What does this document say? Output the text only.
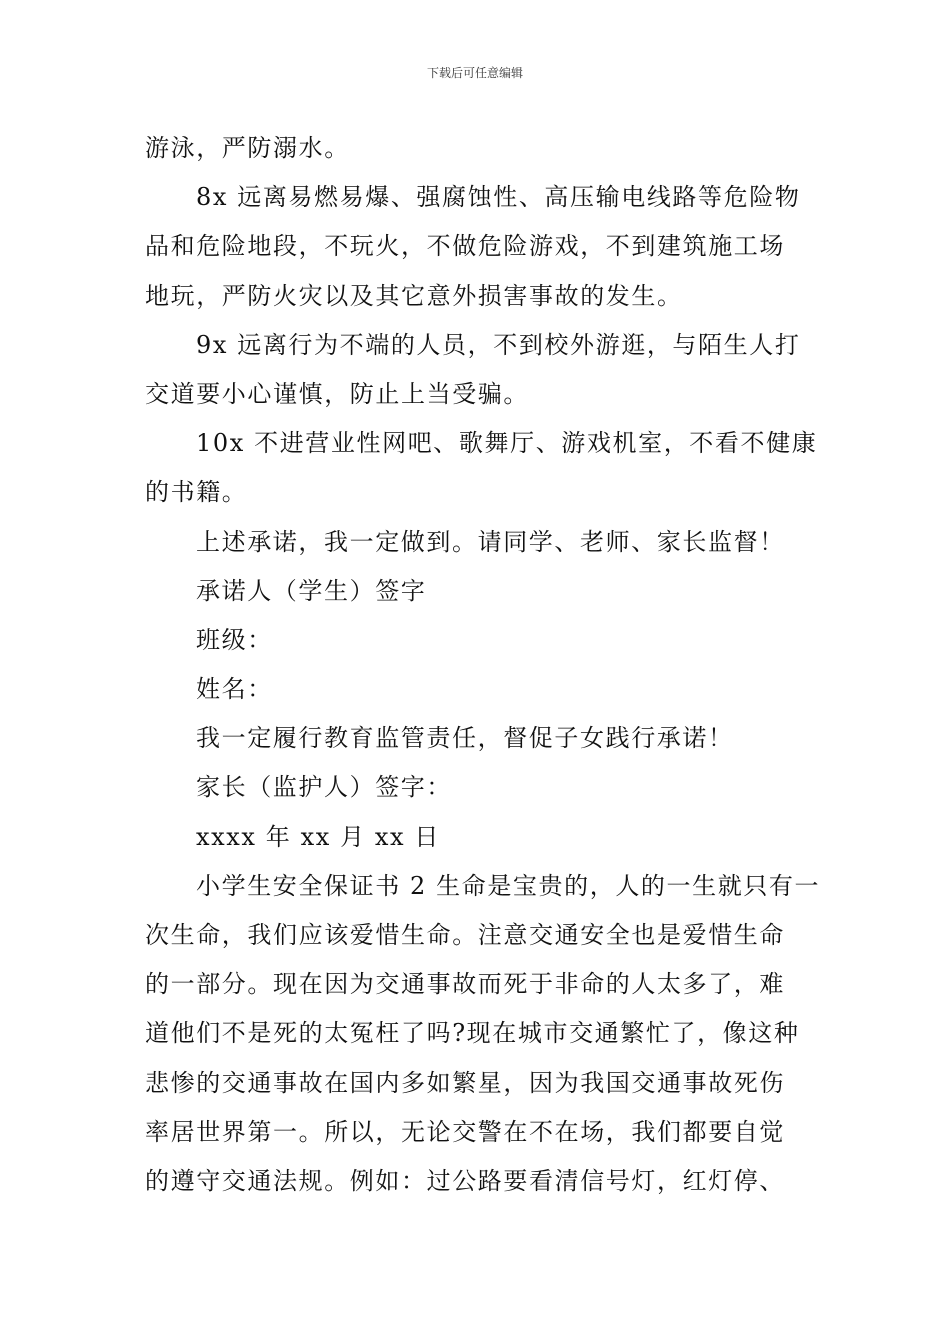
下载后可任意编辑
游泳，严防溺水。
8x 远离易燃易爆、强腐蚀性、高压输电线路等危险物
品和危险地段，不玩火，不做危险游戏，不到建筑施工场
地玩，严防火灾以及其它意外损害事故的发生。
9x 远离行为不端的人员，不到校外游逛，与陌生人打
交道要小心谨慎，防止上当受骗。
10x 不进营业性网吧、歌舞厅、游戏机室，不看不健康
的书籍。
上述承诺，我一定做到。请同学、老师、家长监督！
承诺人（学生）签字
班级：
姓名：
我一定履行教育监管责任，督促子女践行承诺！
家长（监护人）签字：
xxxx 年 xx 月 xx 日
小学生安全保证书 2 生命是宝贵的，人的一生就只有一
次生命，我们应该爱惜生命。注意交通安全也是爱惜生命
的一部分。现在因为交通事故而死于非命的人太多了，难
道他们不是死的太冤枉了吗?现在城市交通繁忙了，像这种
悲惨的交通事故在国内多如繁星，因为我国交通事故死伤
率居世界第一。所以，无论交警在不在场，我们都要自觉
的遵守交通法规。例如：过公路要看清信号灯，红灯停、
